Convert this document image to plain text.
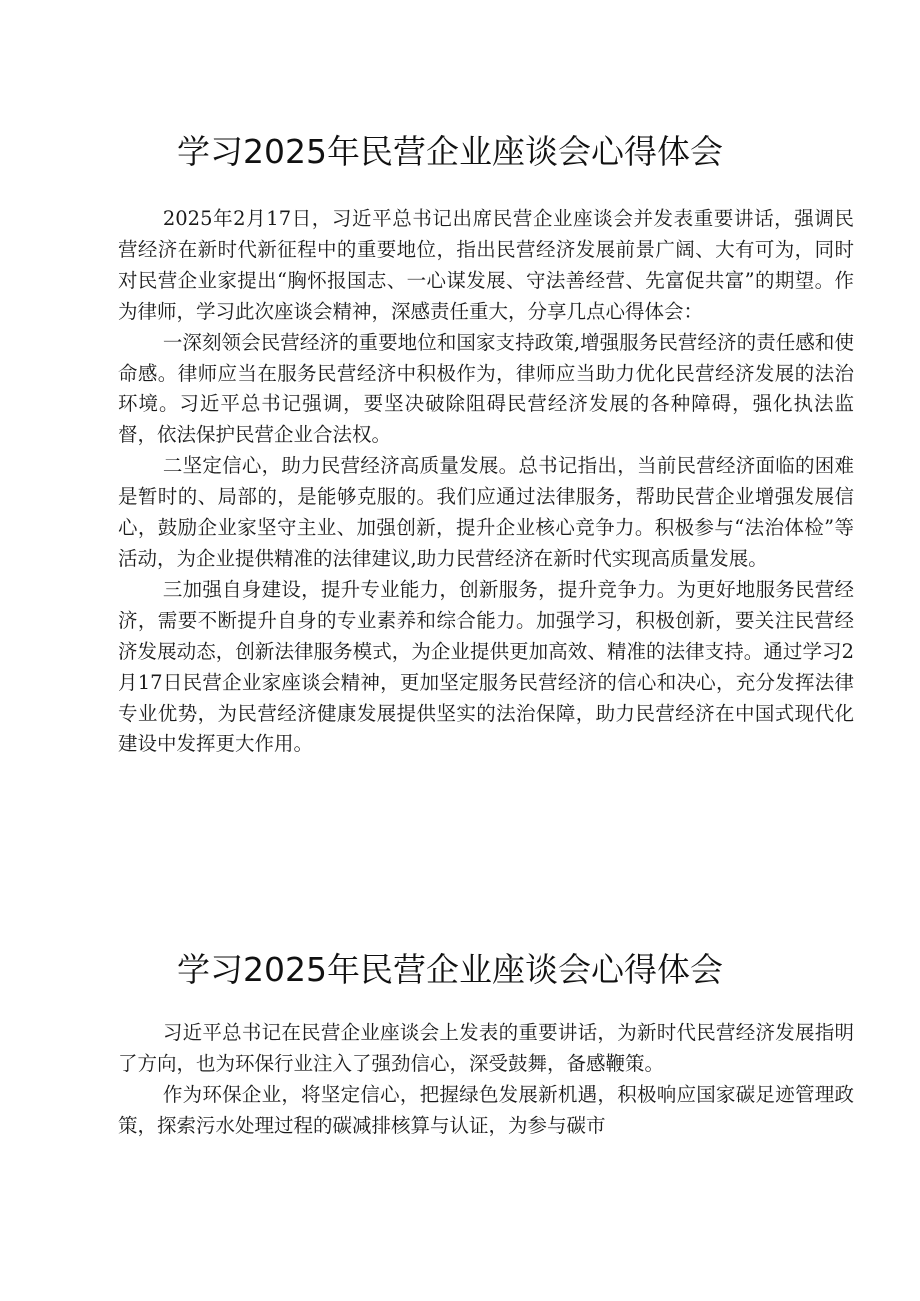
学习2025年民营企业座谈会心得体会

2025年2月17日，习近平总书记出席民营企业座谈会并发表重要讲话，强调民营经济在新时代新征程中的重要地位，指出民营经济发展前景广阔、大有可为，同时对民营企业家提出“胸怀报国志、一心谋发展、守法善经营、先富促共富”的期望。作为律师，学习此次座谈会精神，深感责任重大，分享几点心得体会：

一深刻领会民营经济的重要地位和国家支持政策,增强服务民营经济的责任感和使命感。律师应当在服务民营经济中积极作为，律师应当助力优化民营经济发展的法治环境。习近平总书记强调，要坚决破除阻碍民营经济发展的各种障碍，强化执法监督，依法保护民营企业合法权。

二坚定信心，助力民营经济高质量发展。总书记指出，当前民营经济面临的困难是暂时的、局部的，是能够克服的。我们应通过法律服务，帮助民营企业增强发展信心，鼓励企业家坚守主业、加强创新，提升企业核心竞争力。积极参与“法治体检”等活动，为企业提供精准的法律建议,助力民营经济在新时代实现高质量发展。

三加强自身建设，提升专业能力，创新服务，提升竞争力。为更好地服务民营经济，需要不断提升自身的专业素养和综合能力。加强学习，积极创新，要关注民营经济发展动态，创新法律服务模式，为企业提供更加高效、精准的法律支持。通过学习2月17日民营企业家座谈会精神，更加坚定服务民营经济的信心和决心，充分发挥法律专业优势，为民营经济健康发展提供坚实的法治保障，助力民营经济在中国式现代化建设中发挥更大作用。

学习2025年民营企业座谈会心得体会

习近平总书记在民营企业座谈会上发表的重要讲话，为新时代民营经济发展指明了方向，也为环保行业注入了强劲信心，深受鼓舞，备感鞭策。

作为环保企业，将坚定信心，把握绿色发展新机遇，积极响应国家碳足迹管理政策，探索污水处理过程的碳减排核算与认证，为参与碳市
